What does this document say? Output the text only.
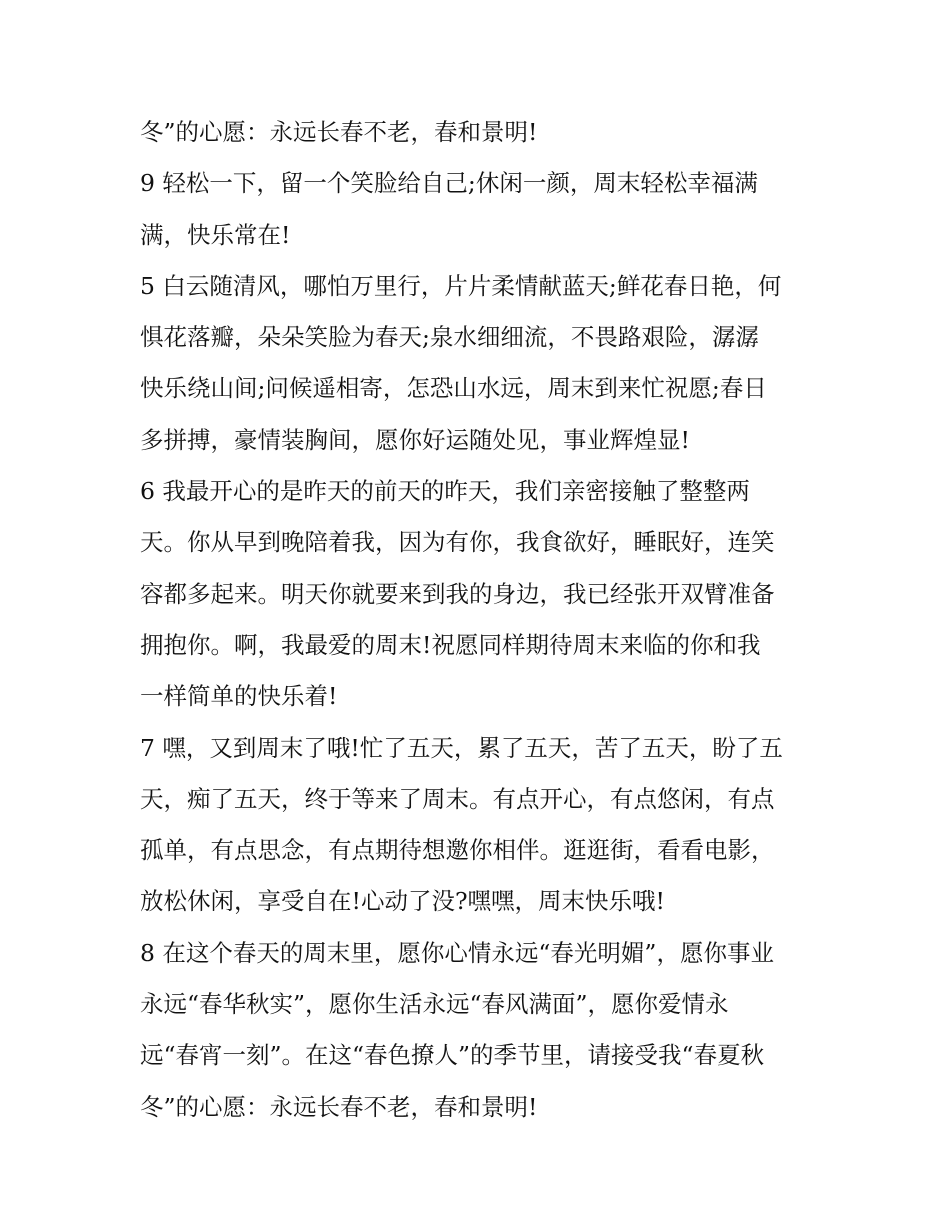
冬”的心愿：永远长春不老，春和景明!
9 轻松一下，留一个笑脸给自己;休闲一颜，周末轻松幸福满
满，快乐常在!
5 白云随清风，哪怕万里行，片片柔情献蓝天;鲜花春日艳，何
惧花落瓣，朵朵笑脸为春天;泉水细细流，不畏路艰险，潺潺
快乐绕山间;问候遥相寄，怎恐山水远，周末到来忙祝愿;春日
多拼搏，豪情装胸间，愿你好运随处见，事业辉煌显!
6 我最开心的是昨天的前天的昨天，我们亲密接触了整整两
天。你从早到晚陪着我，因为有你，我食欲好，睡眠好，连笑
容都多起来。明天你就要来到我的身边，我已经张开双臂准备
拥抱你。啊，我最爱的周末!祝愿同样期待周末来临的你和我
一样简单的快乐着!
7 嘿，又到周末了哦!忙了五天，累了五天，苦了五天，盼了五
天，痴了五天，终于等来了周末。有点开心，有点悠闲，有点
孤单，有点思念，有点期待想邀你相伴。逛逛街，看看电影，
放松休闲，享受自在!心动了没?嘿嘿，周末快乐哦!
8 在这个春天的周末里，愿你心情永远“春光明媚”，愿你事业
永远“春华秋实”，愿你生活永远“春风满面”，愿你爱情永
远“春宵一刻”。在这“春色撩人”的季节里，请接受我“春夏秋
冬”的心愿：永远长春不老，春和景明!
